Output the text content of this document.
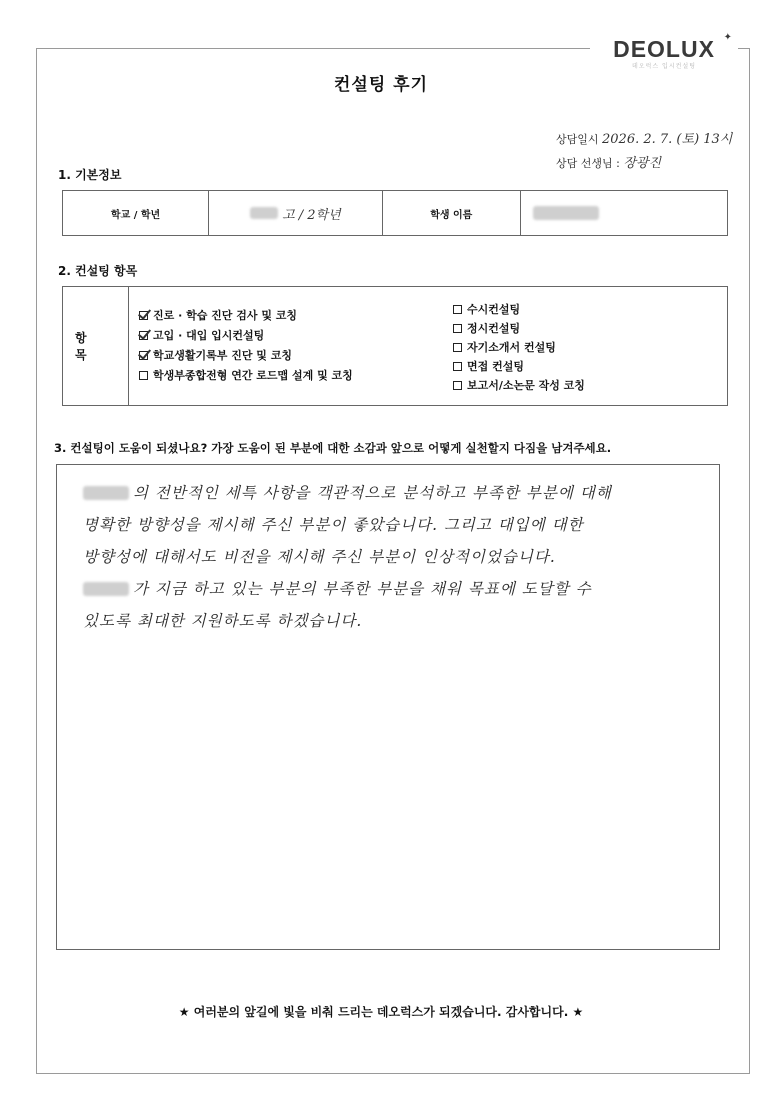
DEOLUX
데오럭스 입시컨설팅
✦
컨설팅 후기
상담일시 2026. 2. 7. (토) 13시
상담 선생님 : 장광진
1. 기본정보
학교 / 학년	고 / 2학년	학생 이름
2. 컨설팅 항목
항 목
진로 · 학습 진단 검사 및 코칭
고입 · 대입 입시컨설팅
학교생활기록부 진단 및 코칭
학생부종합전형 연간 로드맵 설계 및 코칭
수시컨설팅
정시컨설팅
자기소개서 컨설팅
면접 컨설팅
보고서/소논문 작성 코칭
3. 컨설팅이 도움이 되셨나요? 가장 도움이 된 부분에 대한 소감과 앞으로 어떻게 실천할지 다짐을 남겨주세요.
의 전반적인 세특 사항을 객관적으로 분석하고 부족한 부분에 대해
명확한 방향성을 제시해 주신 부분이 좋았습니다. 그리고 대입에 대한
방향성에 대해서도 비전을 제시해 주신 부분이 인상적이었습니다.
가 지금 하고 있는 부분의 부족한 부분을 채워 목표에 도달할 수
있도록 최대한 지원하도록 하겠습니다.
★ 여러분의 앞길에 빛을 비춰 드리는 데오럭스가 되겠습니다. 감사합니다. ★
